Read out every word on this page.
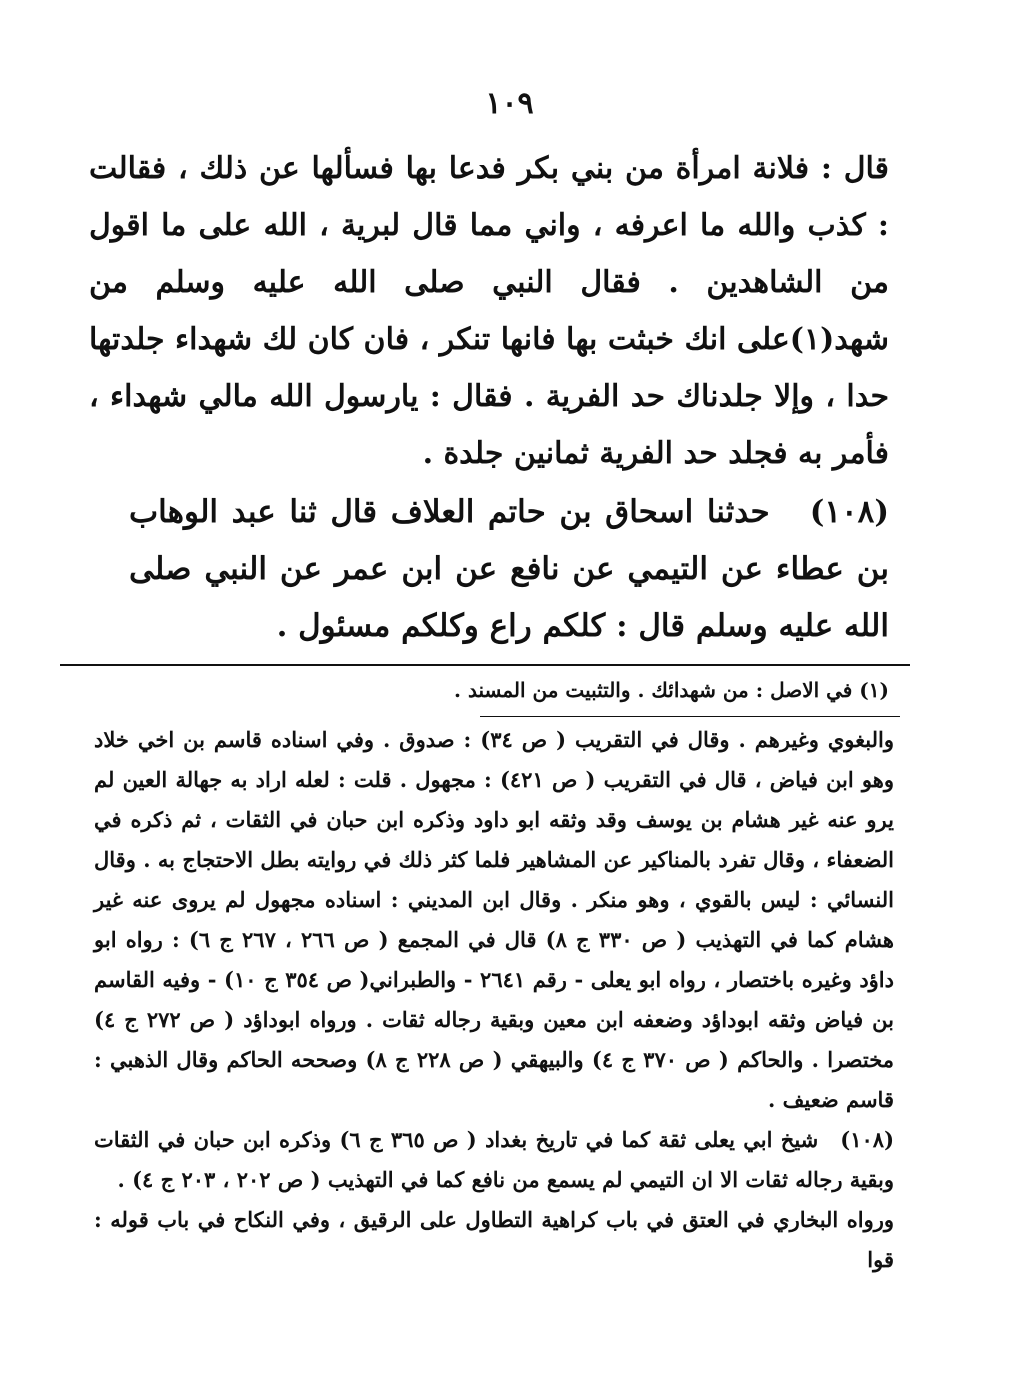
١٠٩
قال : فلانة امرأة من بني بكر فدعا بها فسألها عن ذلك ، فقالت : كذب والله ما اعرفه ، واني مما قال لبرية ، الله على ما اقول من الشاهدين . فقال النبي صلى الله عليه وسلم من شهد(١)على انك خبثت بها فانها تنكر ، فان كان لك شهداء جلدتها حدا ، وإلا جلدناك حد الفرية . فقال : يارسول الله مالي شهداء ، فأمر به فجلد حد الفرية ثمانين جلدة .
(١٠٨)حدثنا اسحاق بن حاتم العلاف قال ثنا عبد الوهاب بن عطاء عن التيمي عن نافع عن ابن عمر عن النبي صلى الله عليه وسلم قال : كلكم راع وكلكم مسئول .
(١) في الاصل : من شهدائك . والتثبيت من المسند .

والبغوي وغيرهم . وقال في التقريب ( ص ٣٤) : صدوق . وفي اسناده قاسم بن اخي خلاد وهو ابن فياض ، قال في التقريب ( ص ٤٢١) : مجهول . قلت : لعله اراد به جهالة العين لم يرو عنه غير هشام بن يوسف وقد وثقه ابو داود وذكره ابن حبان في الثقات ، ثم ذكره في الضعفاء ، وقال تفرد بالمناكير عن المشاهير فلما كثر ذلك في روايته بطل الاحتجاج به . وقال النسائي : ليس بالقوي ، وهو منكر . وقال ابن المديني : اسناده مجهول لم يروى عنه غير هشام كما في التهذيب ( ص ٣٣٠ ج ٨) قال في المجمع ( ص ٢٦٦ ، ٢٦٧ ج ٦) : رواه ابو داؤد وغيره باختصار ، رواه ابو يعلى - رقم ٢٦٤١ - والطبراني( ص ٣٥٤ ج ١٠) - وفيه القاسم بن فياض وثقه ابوداؤد وضعفه ابن معين وبقية رجاله ثقات . ورواه ابوداؤد ( ص ٢٧٢ ج ٤) مختصرا . والحاكم ( ص ٣٧٠ ج ٤) والبيهقي ( ص ٢٢٨ ج ٨) وصححه الحاكم وقال الذهبي : قاسم ضعيف .

(١٠٨)شيخ ابي يعلى ثقة كما في تاريخ بغداد ( ص ٣٦٥ ج ٦) وذكره ابن حبان في الثقات وبقية رجاله ثقات الا ان التيمي لم يسمع من نافع كما في التهذيب ( ص ٢٠٢ ، ٢٠٣ ج ٤) .

ورواه البخاري في العتق في باب كراهية التطاول على الرقيق ، وفي النكاح في باب قوله : قوا
